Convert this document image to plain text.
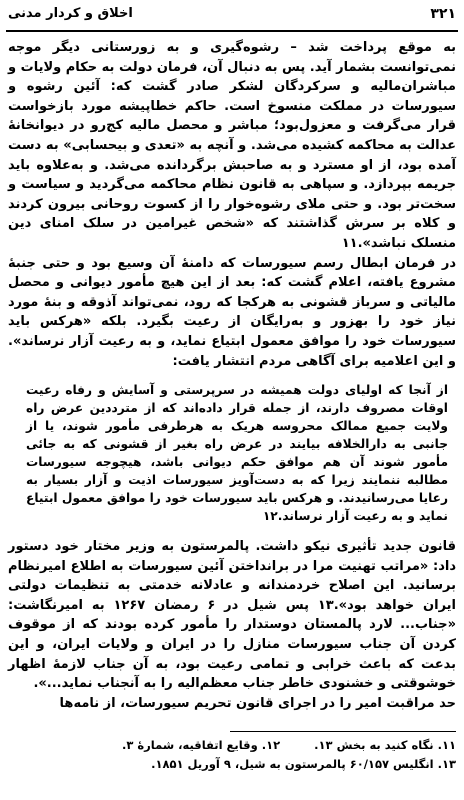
۳۲۱
اخلاق و کردار مدنی

به موقع پرداخت شد – رشوه‌گیری و به زورستانی دیگر موجه نمی‌توانست بشمار آید. پس به دنبال آن، فرمان دولت به حکام ولایات و مباشران‌مالیه و سرکردگان لشکر صادر گشت که: آئین رشوه و سیورسات در مملکت منسوخ است. حاکم خطاپیشه مورد بازخواست قرار می‌گرفت و معزول‌بود؛ مباشر و محصل مالیه کج‌رو در دیوانخانهٔ عدالت به محاکمه کشیده می‌شد. و آنچه به «تعدی و بیحسابی» به دست آمده بود، از او مسترد و به صاحبش برگردانده می‌شد. و به‌علاوه باید جریمه بپردازد. و سپاهی به قانون نظام محاکمه می‌گردید و سیاست و سخت‌تر بود. و حتی ملای رشوه‌خوار را از کسوت روحانی بیرون کردند و کلاه بر سرش گذاشتند که «شخص غیرامین در سلک امنای دین منسلک نباشد».۱۱

در فرمان ابطال رسم سیورسات که دامنهٔ آن وسیع بود و حتی جنبهٔ مشروع یافته، اعلام گشت که: بعد از این هیچ مأمور دیوانی و محصل مالیاتی و سرباز قشونی به هرکجا که رود، نمی‌تواند آذوقه و بنهٔ مورد نیاز خود را بهزور و به‌رایگان از رعیت بگیرد. بلکه «هرکس باید سیورسات خود را موافق معمول ابتیاع نماید، و به رعیت آزار نرساند». و این اعلامیه برای آگاهی مردم انتشار یافت:

از آنجا که اولیای دولت همیشه در سرپرستی و آسایش و رفاه رعیت اوقات مصروف دارند، از جمله قرار داده‌اند که از مترددین عرض راه ولایت جمیع ممالک محروسه هریک به هرطرفی مأمور شوند، یا از جانبی به دارالخلافه بیایند در عرض راه بغیر از قشونی که به جائی مأمور شوند آن هم موافق حکم دیوانی باشد، هیچوجه سیورسات مطالبه ننمایند زیرا که به دست‌آویز سیورسات اذیت و آزار بسیار به رعایا می‌رسانیدند. و هرکس باید سیورسات خود را موافق معمول ابتیاع نماید و به رعیت آزار نرساند.۱۲

قانون جدید تأثیری نیکو داشت. پالمرستون به وزیر مختار خود دستور داد: «مراتب تهنیت مرا در برانداختن آئین سیورسات به اطلاع امیرنظام برسانید. این اصلاح خردمندانه و عادلانه خدمتی به تنظیمات دولتی ایران خواهد بود».۱۳ پس شیل در ۶ رمضان ۱۲۶۷ به امیرنگاشت: «جناب... لارد پالمستان دوستدار را مأمور کرده بودند که از موقوف کردن آن جناب سیورسات منازل را در ایران و ولایات ایران، و این بدعت که باعث خرابی و تمامی رعیت بود، به آن جناب لازمهٔ اظهار خوشوقتی و خشنودی خاطر جناب معظم‌الیه را به آنجناب نماید...».

حد مراقبت امیر را در اجرای قانون تحریم سیورسات، از نامه‌ها

۱۱. نگاه کنید به بخش ۱۳.
۱۲. وقایع اتفاقیه، شمارهٔ ۳.
۱۳. انگلیس ۶۰/۱۵۷ پالمرستون به شیل، ۹ آوریل ۱۸۵۱.
